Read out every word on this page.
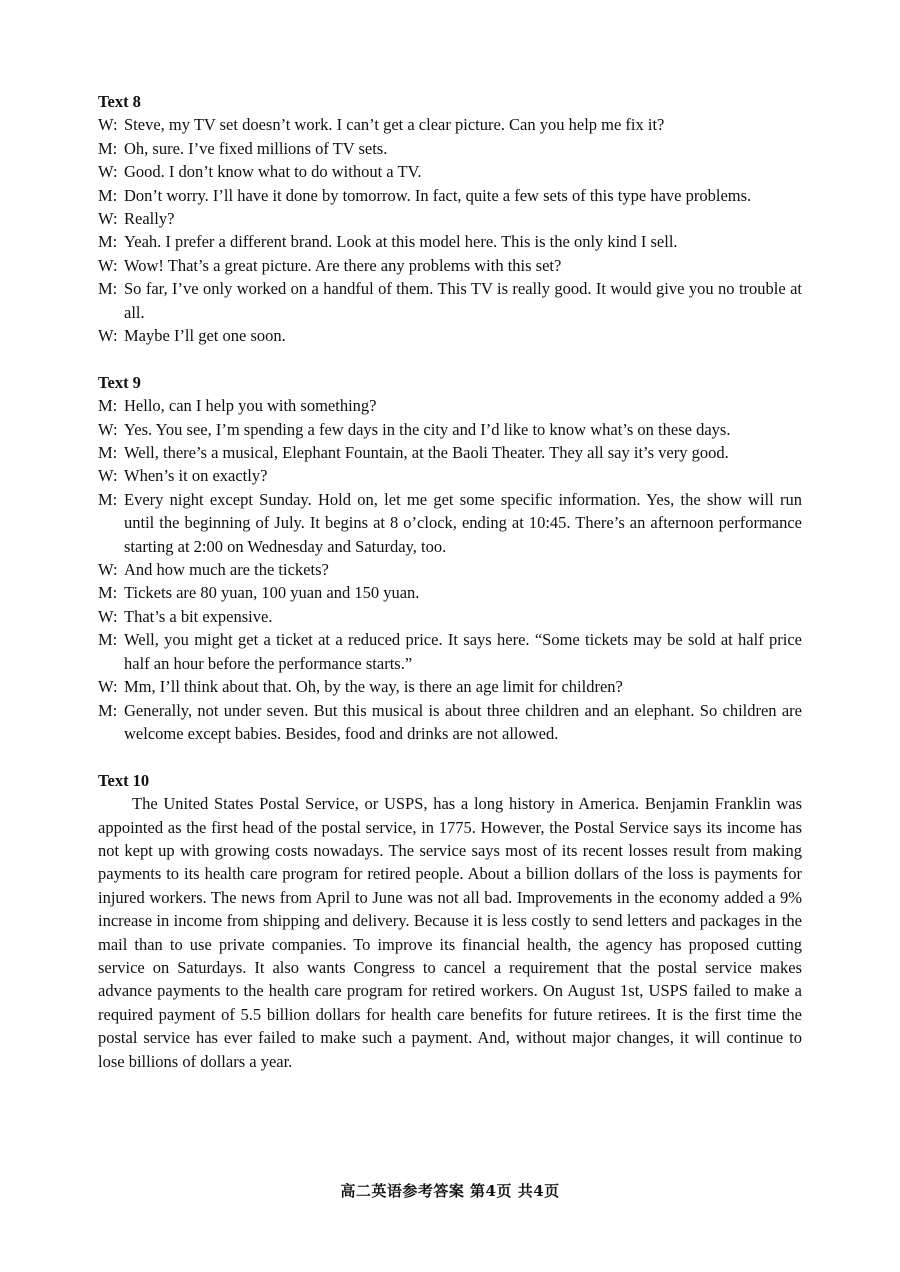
Text 8
W: Steve, my TV set doesn’t work. I can’t get a clear picture. Can you help me fix it?
M: Oh, sure. I’ve fixed millions of TV sets.
W: Good. I don’t know what to do without a TV.
M: Don’t worry. I’ll have it done by tomorrow. In fact, quite a few sets of this type have problems.
W: Really?
M: Yeah. I prefer a different brand. Look at this model here. This is the only kind I sell.
W: Wow! That’s a great picture. Are there any problems with this set?
M: So far, I’ve only worked on a handful of them. This TV is really good. It would give you no trouble at all.
W: Maybe I’ll get one soon.
Text 9
M: Hello, can I help you with something?
W: Yes. You see, I’m spending a few days in the city and I’d like to know what’s on these days.
M: Well, there’s a musical, Elephant Fountain, at the Baoli Theater. They all say it’s very good.
W: When’s it on exactly?
M: Every night except Sunday. Hold on, let me get some specific information. Yes, the show will run until the beginning of July. It begins at 8 o’clock, ending at 10:45. There’s an afternoon performance starting at 2:00 on Wednesday and Saturday, too.
W: And how much are the tickets?
M: Tickets are 80 yuan, 100 yuan and 150 yuan.
W: That’s a bit expensive.
M: Well, you might get a ticket at a reduced price. It says here. “Some tickets may be sold at half price half an hour before the performance starts.”
W: Mm, I’ll think about that. Oh, by the way, is there an age limit for children?
M: Generally, not under seven. But this musical is about three children and an elephant. So children are welcome except babies. Besides, food and drinks are not allowed.
Text 10

The United States Postal Service, or USPS, has a long history in America. Benjamin Franklin was appointed as the first head of the postal service, in 1775. However, the Postal Service says its income has not kept up with growing costs nowadays. The service says most of its recent losses result from making payments to its health care program for retired people. About a billion dollars of the loss is payments for injured workers. The news from April to June was not all bad. Improvements in the economy added a 9% increase in income from shipping and delivery. Because it is less costly to send letters and packages in the mail than to use private companies. To improve its financial health, the agency has proposed cutting service on Saturdays. It also wants Congress to cancel a requirement that the postal service makes advance payments to the health care program for retired workers. On August 1st, USPS failed to make a required payment of 5.5 billion dollars for health care benefits for future retirees. It is the first time the postal service has ever failed to make such a payment. And, without major changes, it will continue to lose billions of dollars a year.

高二英语参考答案 第4页 共4页
